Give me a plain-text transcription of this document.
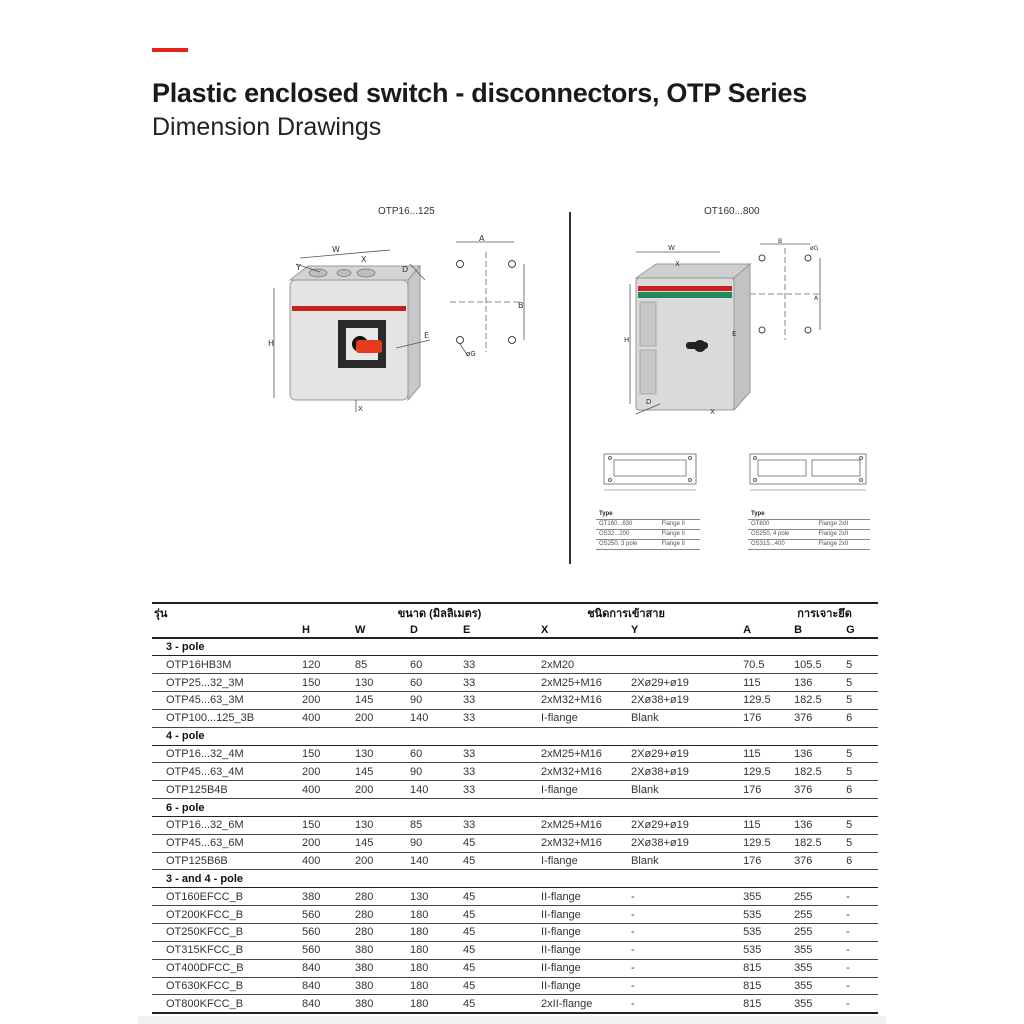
Plastic enclosed switch - disconnectors, OTP Series
Dimension Drawings
OTP16...125	OT160...800
H
W
Y
X
D
E
X
A
B
øG
W
X
H
D
X
E
B
A
øG
Type	
OT160...630	Flange II
OS32...200	Flange II
OS250, 3 pole	Flange II
Type	
OT800	Flange 2xII
OS250, 4 pole	Flange 2xII
OS315...400	Flange 2xII
รุ่น	ขนาด (มิลลิเมตร)				ชนิดการเข้าสาย		การเจาะยึด		
	H	W	D	E	X	Y	A	B	G
3 - pole									
OTP16HB3M	120	85	60	33	2xM20		70.5	105.5	5
OTP25...32_3M	150	130	60	33	2xM25+M16	2Xø29+ø19	115	136	5
OTP45...63_3M	200	145	90	33	2xM32+M16	2Xø38+ø19	129.5	182.5	5
OTP100...125_3B	400	200	140	33	I-flange	Blank	176	376	6
4 - pole									
OTP16...32_4M	150	130	60	33	2xM25+M16	2Xø29+ø19	115	136	5
OTP45...63_4M	200	145	90	33	2xM32+M16	2Xø38+ø19	129.5	182.5	5
OTP125B4B	400	200	140	33	I-flange	Blank	176	376	6
6 - pole									
OTP16...32_6M	150	130	85	33	2xM25+M16	2Xø29+ø19	115	136	5
OTP45...63_6M	200	145	90	45	2xM32+M16	2Xø38+ø19	129.5	182.5	5
OTP125B6B	400	200	140	45	I-flange	Blank	176	376	6
3 - and 4 - pole									
OT160EFCC_B	380	280	130	45	II-flange	-	355	255	-
OT200KFCC_B	560	280	180	45	II-flange	-	535	255	-
OT250KFCC_B	560	280	180	45	II-flange	-	535	255	-
OT315KFCC_B	560	380	180	45	II-flange	-	535	355	-
OT400DFCC_B	840	380	180	45	II-flange	-	815	355	-
OT630KFCC_B	840	380	180	45	II-flange	-	815	355	-
OT800KFCC_B	840	380	180	45	2xII-flange	-	815	355	-
